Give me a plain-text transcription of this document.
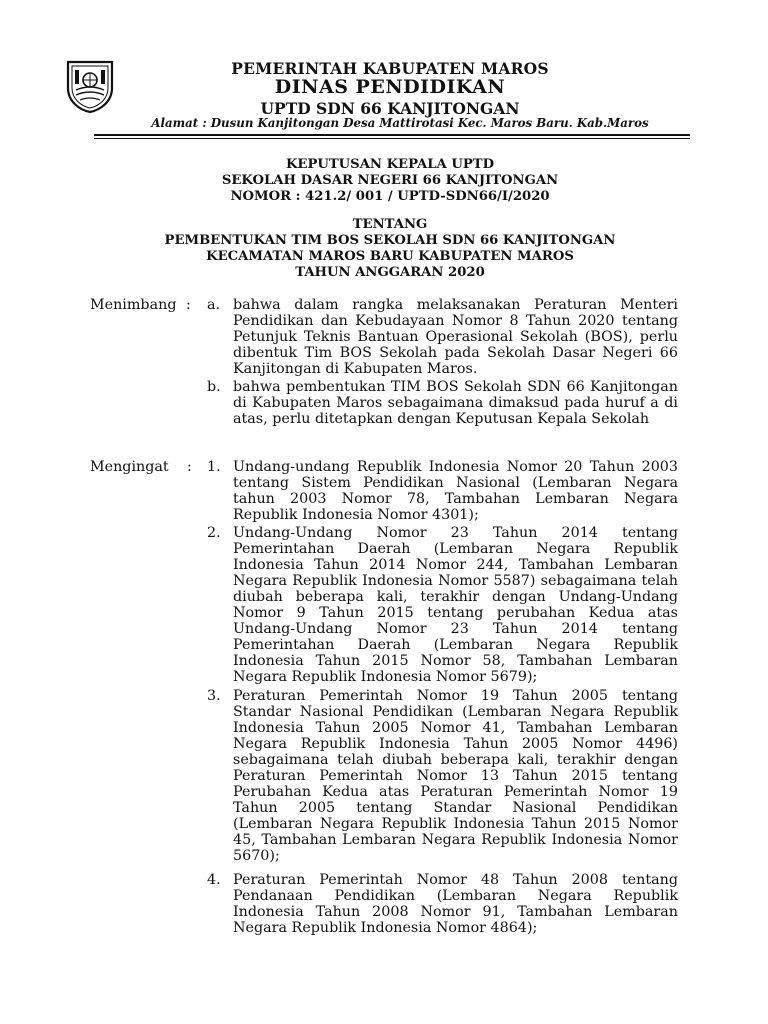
PEMERINTAH KABUPATEN MAROS
DINAS PENDIDIKAN
UPTD SDN 66 KANJITONGAN
Alamat : Dusun Kanjitongan Desa Mattirotasi Kec. Maros Baru. Kab.Maros
KEPUTUSAN KEPALA UPTD
SEKOLAH DASAR NEGERI 66 KANJITONGAN
NOMOR : 421.2/ 001 / UPTD-SDN66/I/2020
TENTANG
PEMBENTUKAN TIM BOS SEKOLAH SDN 66 KANJITONGAN
KECAMATAN MAROS BARU KABUPATEN MAROS
TAHUN ANGGARAN 2020
Menimbang : a. bahwa dalam rangka melaksanakan Peraturan Menteri Pendidikan dan Kebudayaan Nomor 8 Tahun 2020 tentang Petunjuk Teknis Bantuan Operasional Sekolah (BOS), perlu dibentuk Tim BOS Sekolah pada Sekolah Dasar Negeri 66 Kanjitongan di Kabupaten Maros.
b. bahwa pembentukan TIM BOS Sekolah SDN 66 Kanjitongan di Kabupaten Maros sebagaimana dimaksud pada huruf a di atas, perlu ditetapkan dengan Keputusan Kepala Sekolah
Mengingat : 1. Undang-undang Republik Indonesia Nomor 20 Tahun 2003 tentang Sistem Pendidikan Nasional (Lembaran Negara tahun 2003 Nomor 78, Tambahan Lembaran Negara Republik Indonesia Nomor 4301);
2. Undang-Undang Nomor 23 Tahun 2014 tentang Pemerintahan Daerah (Lembaran Negara Republik Indonesia Tahun 2014 Nomor 244, Tambahan Lembaran Negara Republik Indonesia Nomor 5587) sebagaimana telah diubah beberapa kali, terakhir dengan Undang-Undang Nomor 9 Tahun 2015 tentang perubahan Kedua atas Undang-Undang Nomor 23 Tahun 2014 tentang Pemerintahan Daerah (Lembaran Negara Republik Indonesia Tahun 2015 Nomor 58, Tambahan Lembaran Negara Republik Indonesia Nomor 5679);
3. Peraturan Pemerintah Nomor 19 Tahun 2005 tentang Standar Nasional Pendidikan (Lembaran Negara Republik Indonesia Tahun 2005 Nomor 41, Tambahan Lembaran Negara Republik Indonesia Tahun 2005 Nomor 4496) sebagaimana telah diubah beberapa kali, terakhir dengan Peraturan Pemerintah Nomor 13 Tahun 2015 tentang Perubahan Kedua atas Peraturan Pemerintah Nomor 19 Tahun 2005 tentang Standar Nasional Pendidikan (Lembaran Negara Republik Indonesia Tahun 2015 Nomor 45, Tambahan Lembaran Negara Republik Indonesia Nomor 5670);
4. Peraturan Pemerintah Nomor 48 Tahun 2008 tentang Pendanaan Pendidikan (Lembaran Negara Republik Indonesia Tahun 2008 Nomor 91, Tambahan Lembaran Negara Republik Indonesia Nomor 4864);
